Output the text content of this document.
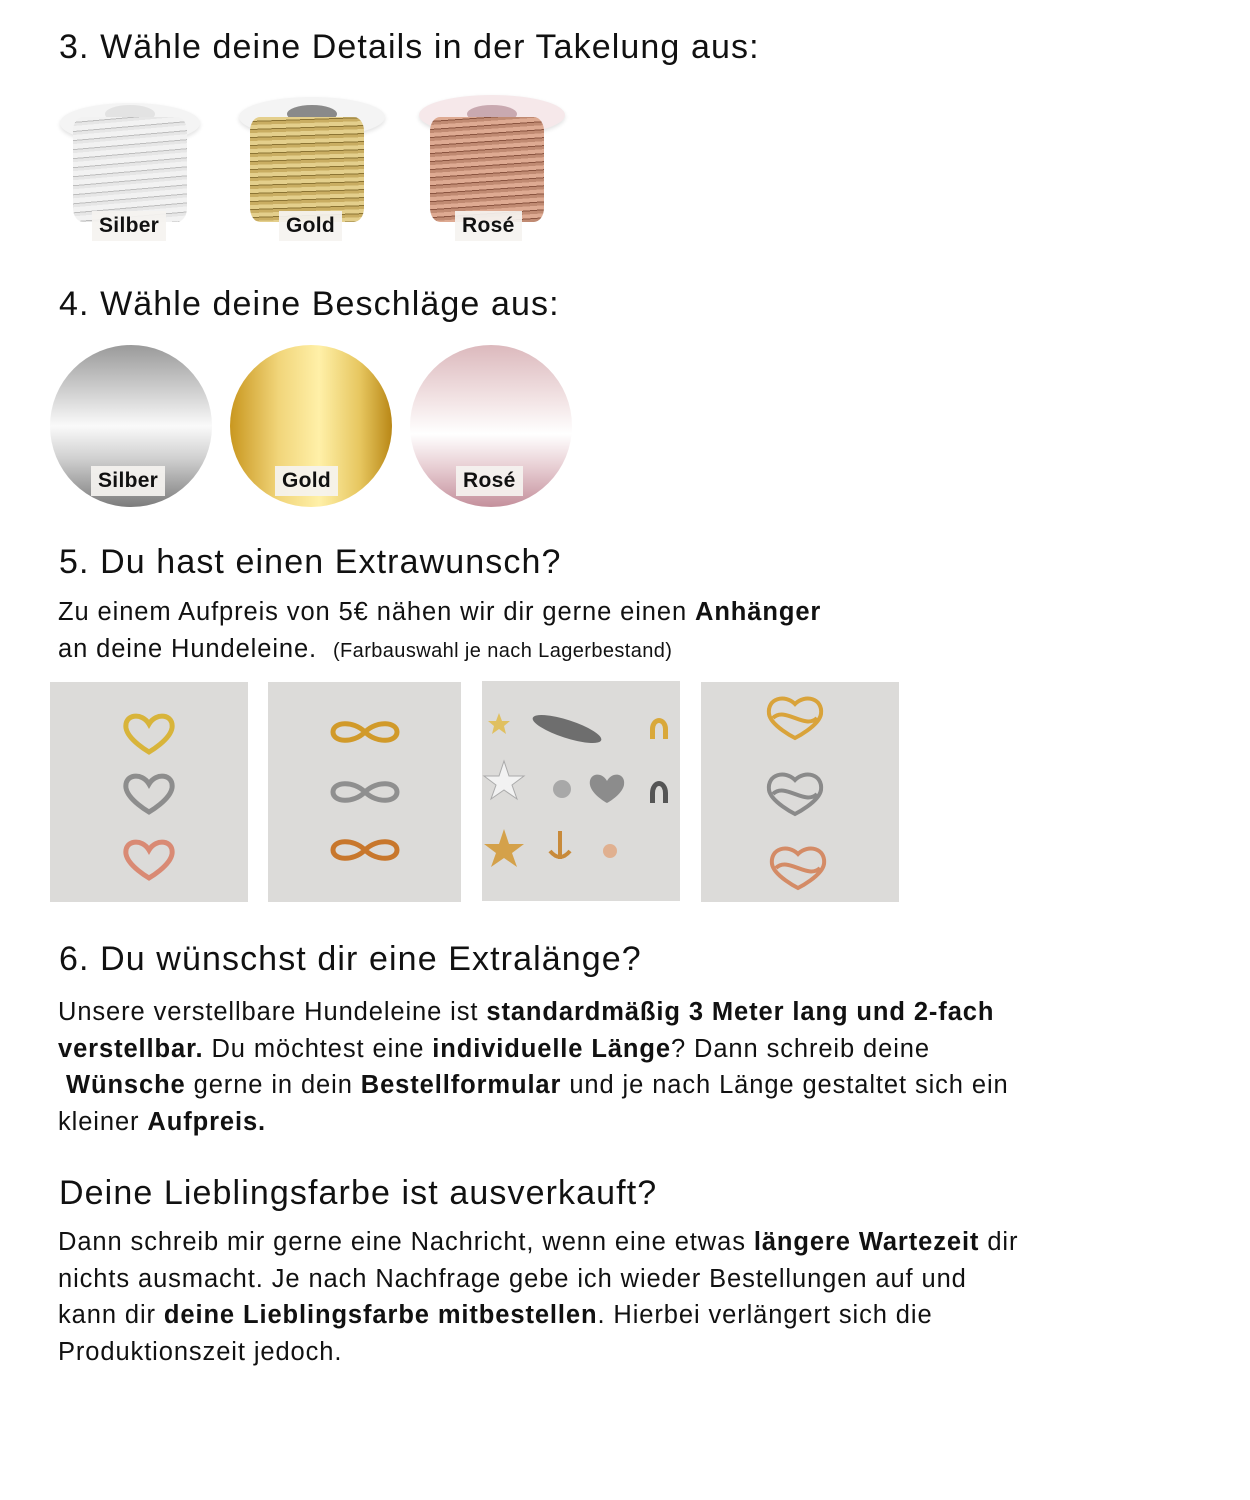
3. Wähle deine Details in der Takelung aus:
Silber	Gold	Rosé
4. Wähle deine Beschläge aus:
Silber	Gold	Rosé
5. Du hast einen Extrawunsch?
Zu einem Aufpreis von 5€ nähen wir dir gerne einen Anhänger
an deine Hundeleine.  (Farbauswahl je nach Lagerbestand)
6. Du wünschst dir eine Extralänge?
Unsere verstellbare Hundeleine ist standardmäßig 3 Meter lang und 2-fach
verstellbar. Du möchtest eine individuelle Länge? Dann schreib deine
Wünsche gerne in dein Bestellformular und je nach Länge gestaltet sich ein
kleiner Aufpreis.
Deine Lieblingsfarbe ist ausverkauft?
Dann schreib mir gerne eine Nachricht, wenn eine etwas längere Wartezeit dir
nichts ausmacht. Je nach Nachfrage gebe ich wieder Bestellungen auf und
kann dir deine Lieblingsfarbe mitbestellen. Hierbei verlängert sich die
Produktionszeit jedoch.
